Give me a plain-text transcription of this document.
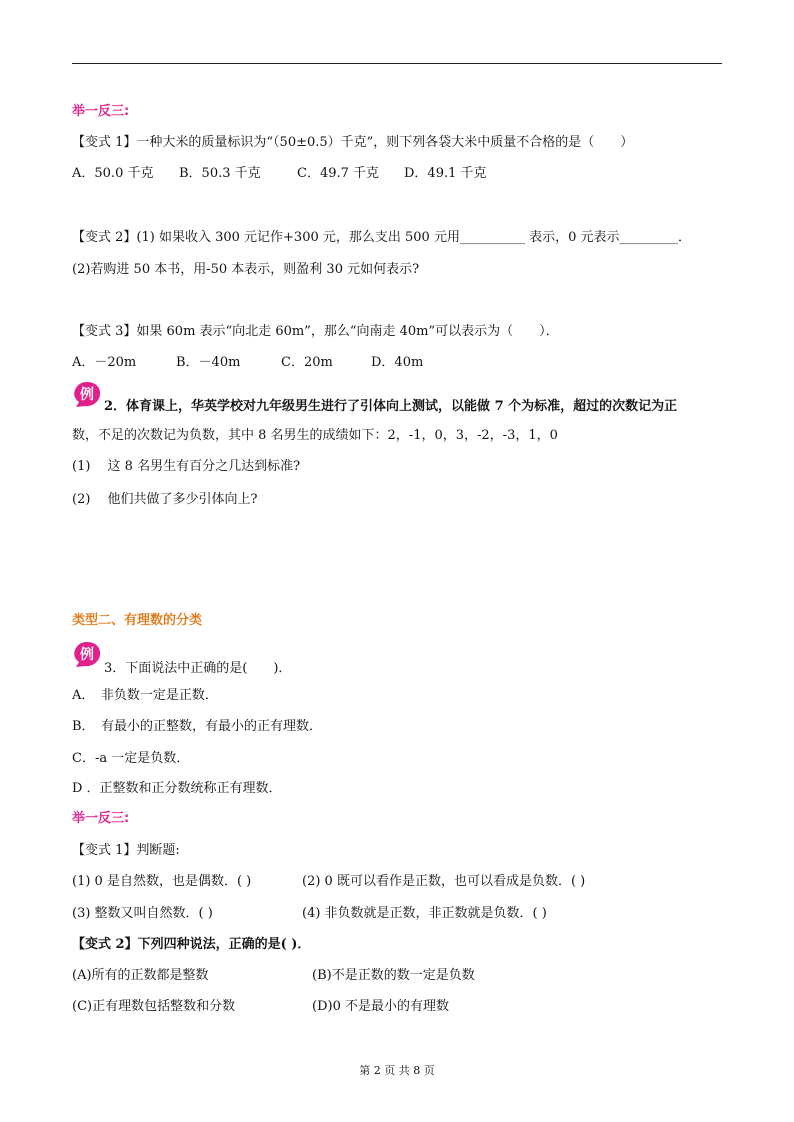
举一反三:
【变式 1】一种大米的质量标识为“（50±0.5）千克”，则下列各袋大米中质量不合格的是（　　）
A．50.0 千克 B．50.3 千克	C．49.7 千克 D．49.1 千克
【变式 2】(1) 如果收入 300 元记作+300 元，那么支出 500 元用__________ 表示，0 元表示_________．
(2)若购进 50 本书，用-50 本表示，则盈利 30 元如何表示?
【变式 3】如果 60m 表示“向北走 60m”，那么“向南走 40m”可以表示为（　　）．
A．－20m	B．－40m	C．20m	D．40m
例
2．体育课上，华英学校对九年级男生进行了引体向上测试，以能做 7 个为标准，超过的次数记为正
数，不足的次数记为负数，其中 8 名男生的成绩如下：2，-1，0，3，-2，-3，1，0
(1)　 这 8 名男生有百分之几达到标准?
(2)　 他们共做了多少引体向上?
类型二、有理数的分类
例
3．下面说法中正确的是(　　)．
A．　非负数一定是正数．
B．　有最小的正整数，有最小的正有理数．
C．-a 一定是负数．
D ．正整数和正分数统称正有理数．
举一反三:
【变式 1】判断题:
(1) 0 是自然数，也是偶数．( )	(2) 0 既可以看作是正数，也可以看成是负数．( )
(3) 整数又叫自然数．( )	(4) 非负数就是正数，非正数就是负数．( )
【变式 2】下列四种说法，正确的是( )．
(A)所有的正数都是整数	(B)不是正数的数一定是负数
(C)正有理数包括整数和分数	(D)0 不是最小的有理数
第 2 页 共 8 页
